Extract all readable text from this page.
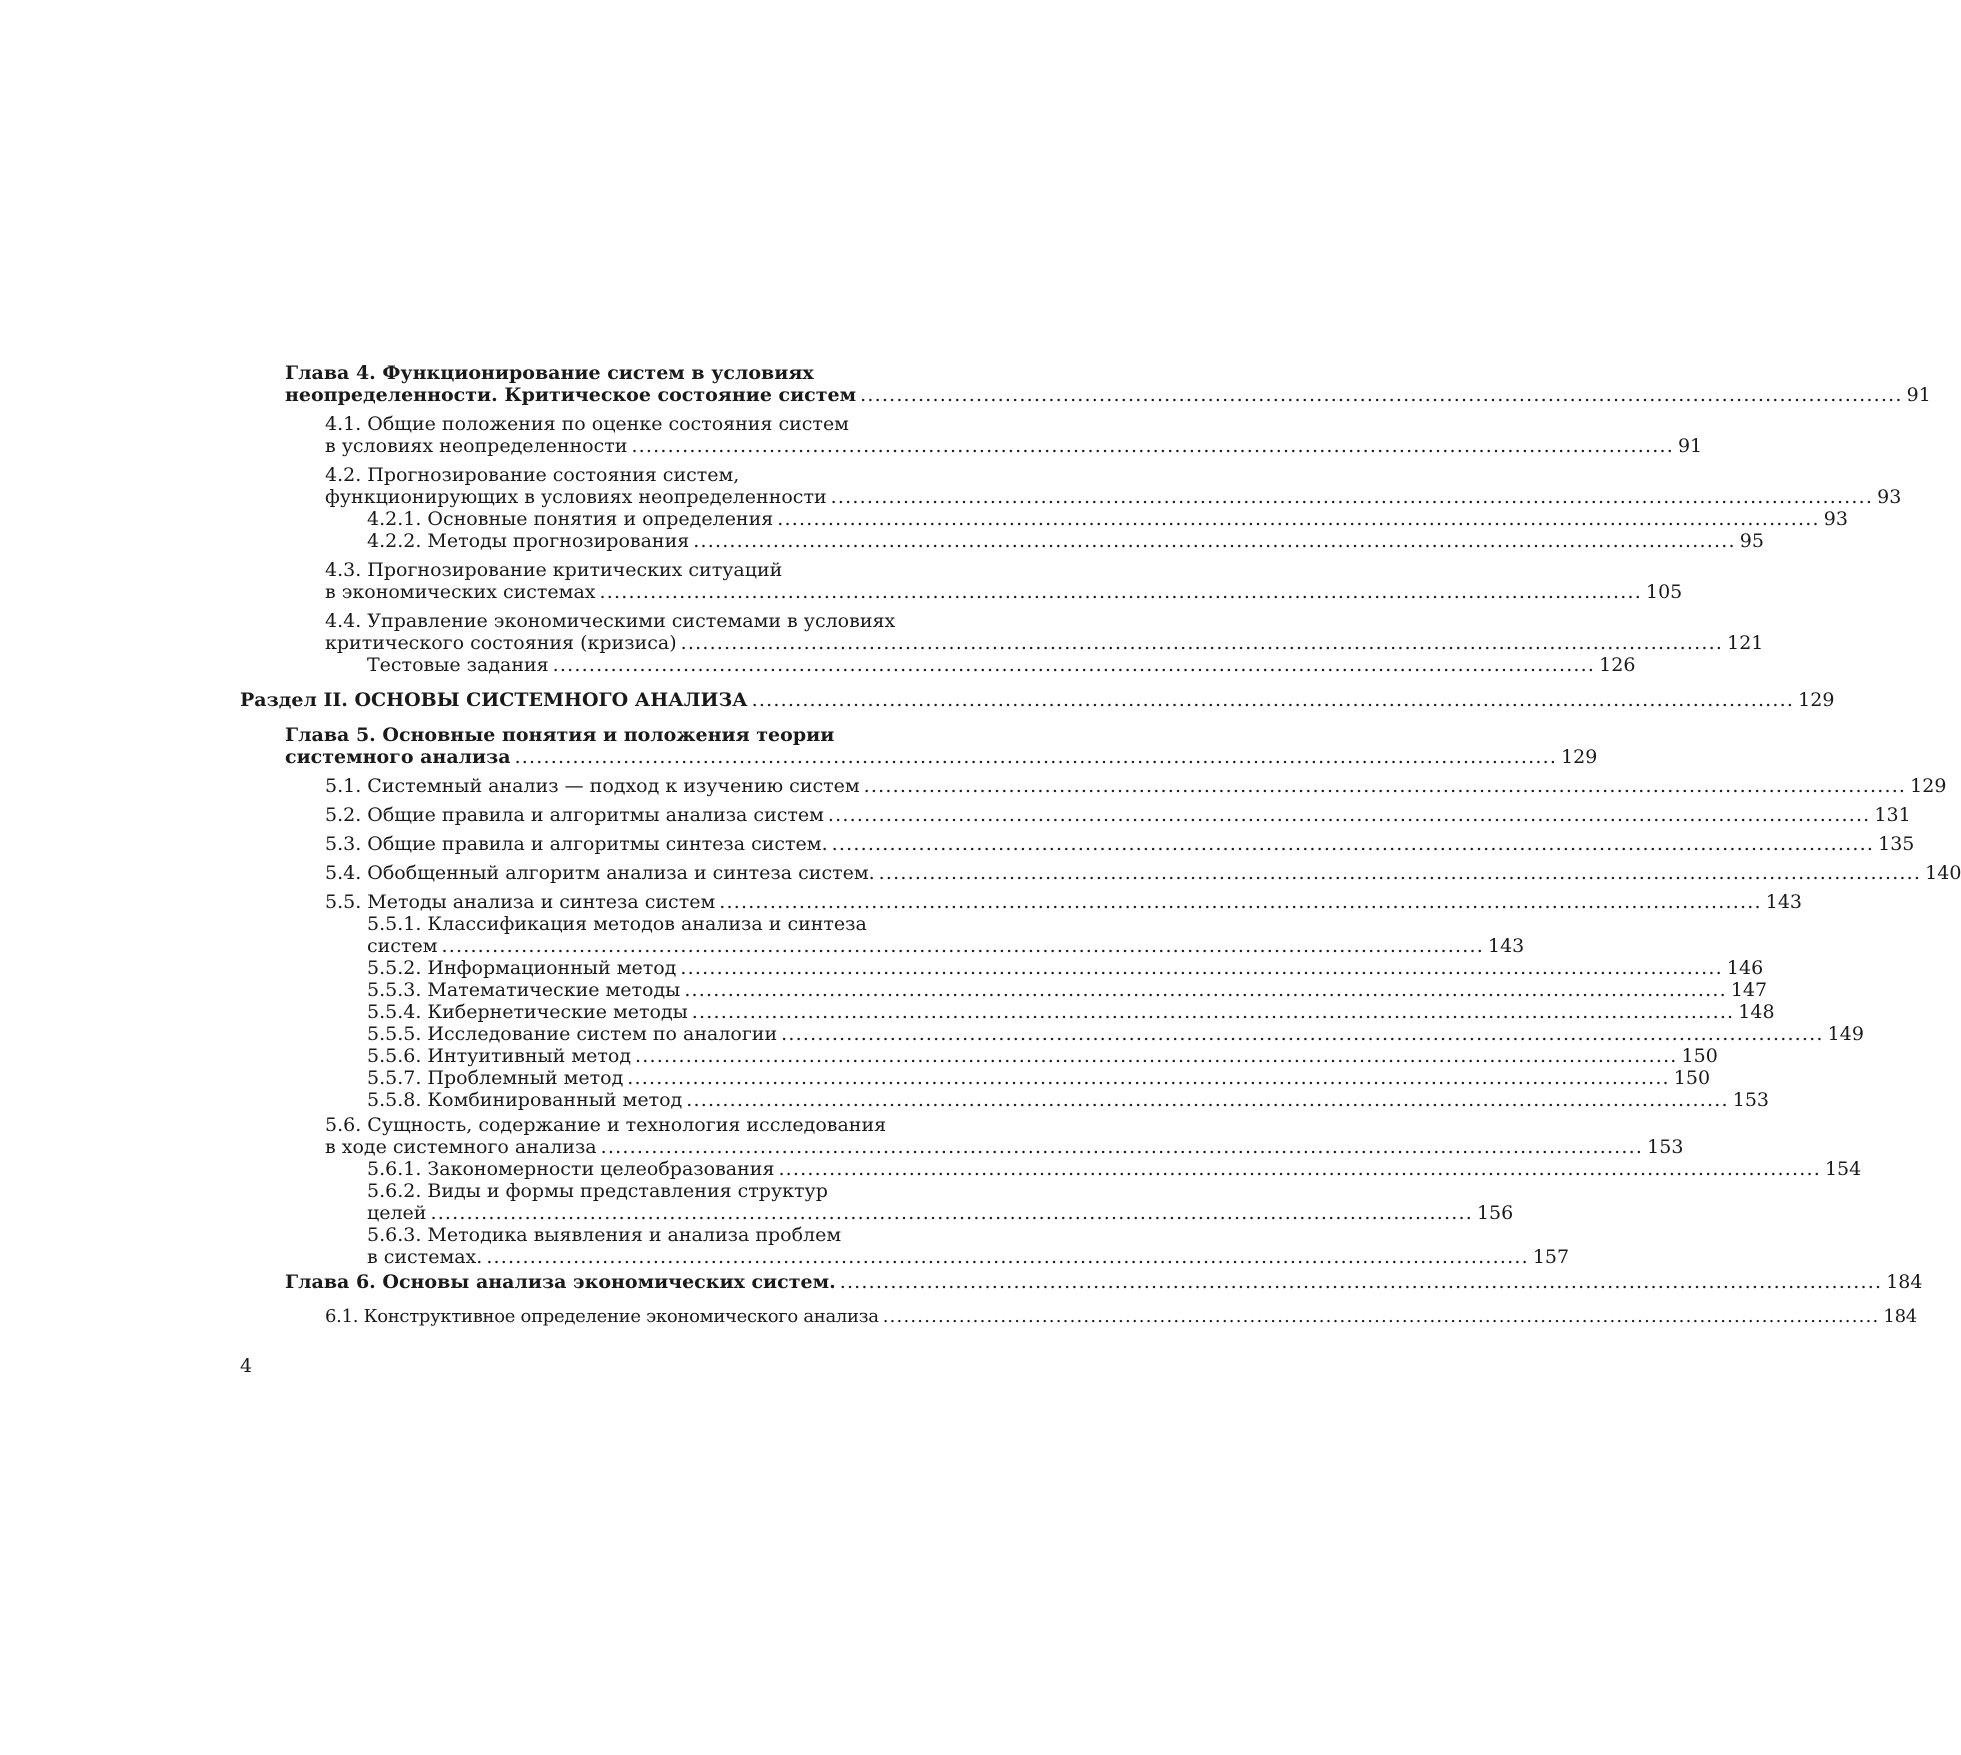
Глава 4. Функционирование систем в условиях
неопределенности. Критическое состояние систем ................................................................................................................................................ 91
4.1. Общие положения по оценке состояния систем
в условиях неопределенности ................................................................................................................................................ 91
4.2. Прогнозирование состояния систем,
функционирующих в условиях неопределенности ................................................................................................................................................ 93
4.2.1. Основные понятия и определения ................................................................................................................................................ 93
4.2.2. Методы прогнозирования ................................................................................................................................................ 95
4.3. Прогнозирование критических ситуаций
в экономических системах ................................................................................................................................................ 105
4.4. Управление экономическими системами в условиях
критического состояния (кризиса) ................................................................................................................................................ 121
Тестовые задания ................................................................................................................................................ 126
Раздел II. ОСНОВЫ СИСТЕМНОГО АНАЛИЗА ................................................................................................................................................ 129
Глава 5. Основные понятия и положения теории
системного анализа ................................................................................................................................................ 129
5.1. Системный анализ — подход к изучению систем ................................................................................................................................................ 129
5.2. Общие правила и алгоритмы анализа систем ................................................................................................................................................ 131
5.3. Общие правила и алгоритмы синтеза систем. ................................................................................................................................................ 135
5.4. Обобщенный алгоритм анализа и синтеза систем. ................................................................................................................................................ 140
5.5. Методы анализа и синтеза систем ................................................................................................................................................ 143
5.5.1. Классификация методов анализа и синтеза
систем ................................................................................................................................................ 143
5.5.2. Информационный метод ................................................................................................................................................ 146
5.5.3. Математические методы ................................................................................................................................................ 147
5.5.4. Кибернетические методы ................................................................................................................................................ 148
5.5.5. Исследование систем по аналогии ................................................................................................................................................ 149
5.5.6. Интуитивный метод ................................................................................................................................................ 150
5.5.7. Проблемный метод ................................................................................................................................................ 150
5.5.8. Комбинированный метод ................................................................................................................................................ 153
5.6. Сущность, содержание и технология исследования
в ходе системного анализа ................................................................................................................................................ 153
5.6.1. Закономерности целеобразования ................................................................................................................................................ 154
5.6.2. Виды и формы представления структур
целей ................................................................................................................................................ 156
5.6.3. Методика выявления и анализа проблем
в системах. ................................................................................................................................................ 157
Глава 6. Основы анализа экономических систем. ................................................................................................................................................ 184
6.1. Конструктивное определение экономического анализа ................................................................................................................................................ 184
4
